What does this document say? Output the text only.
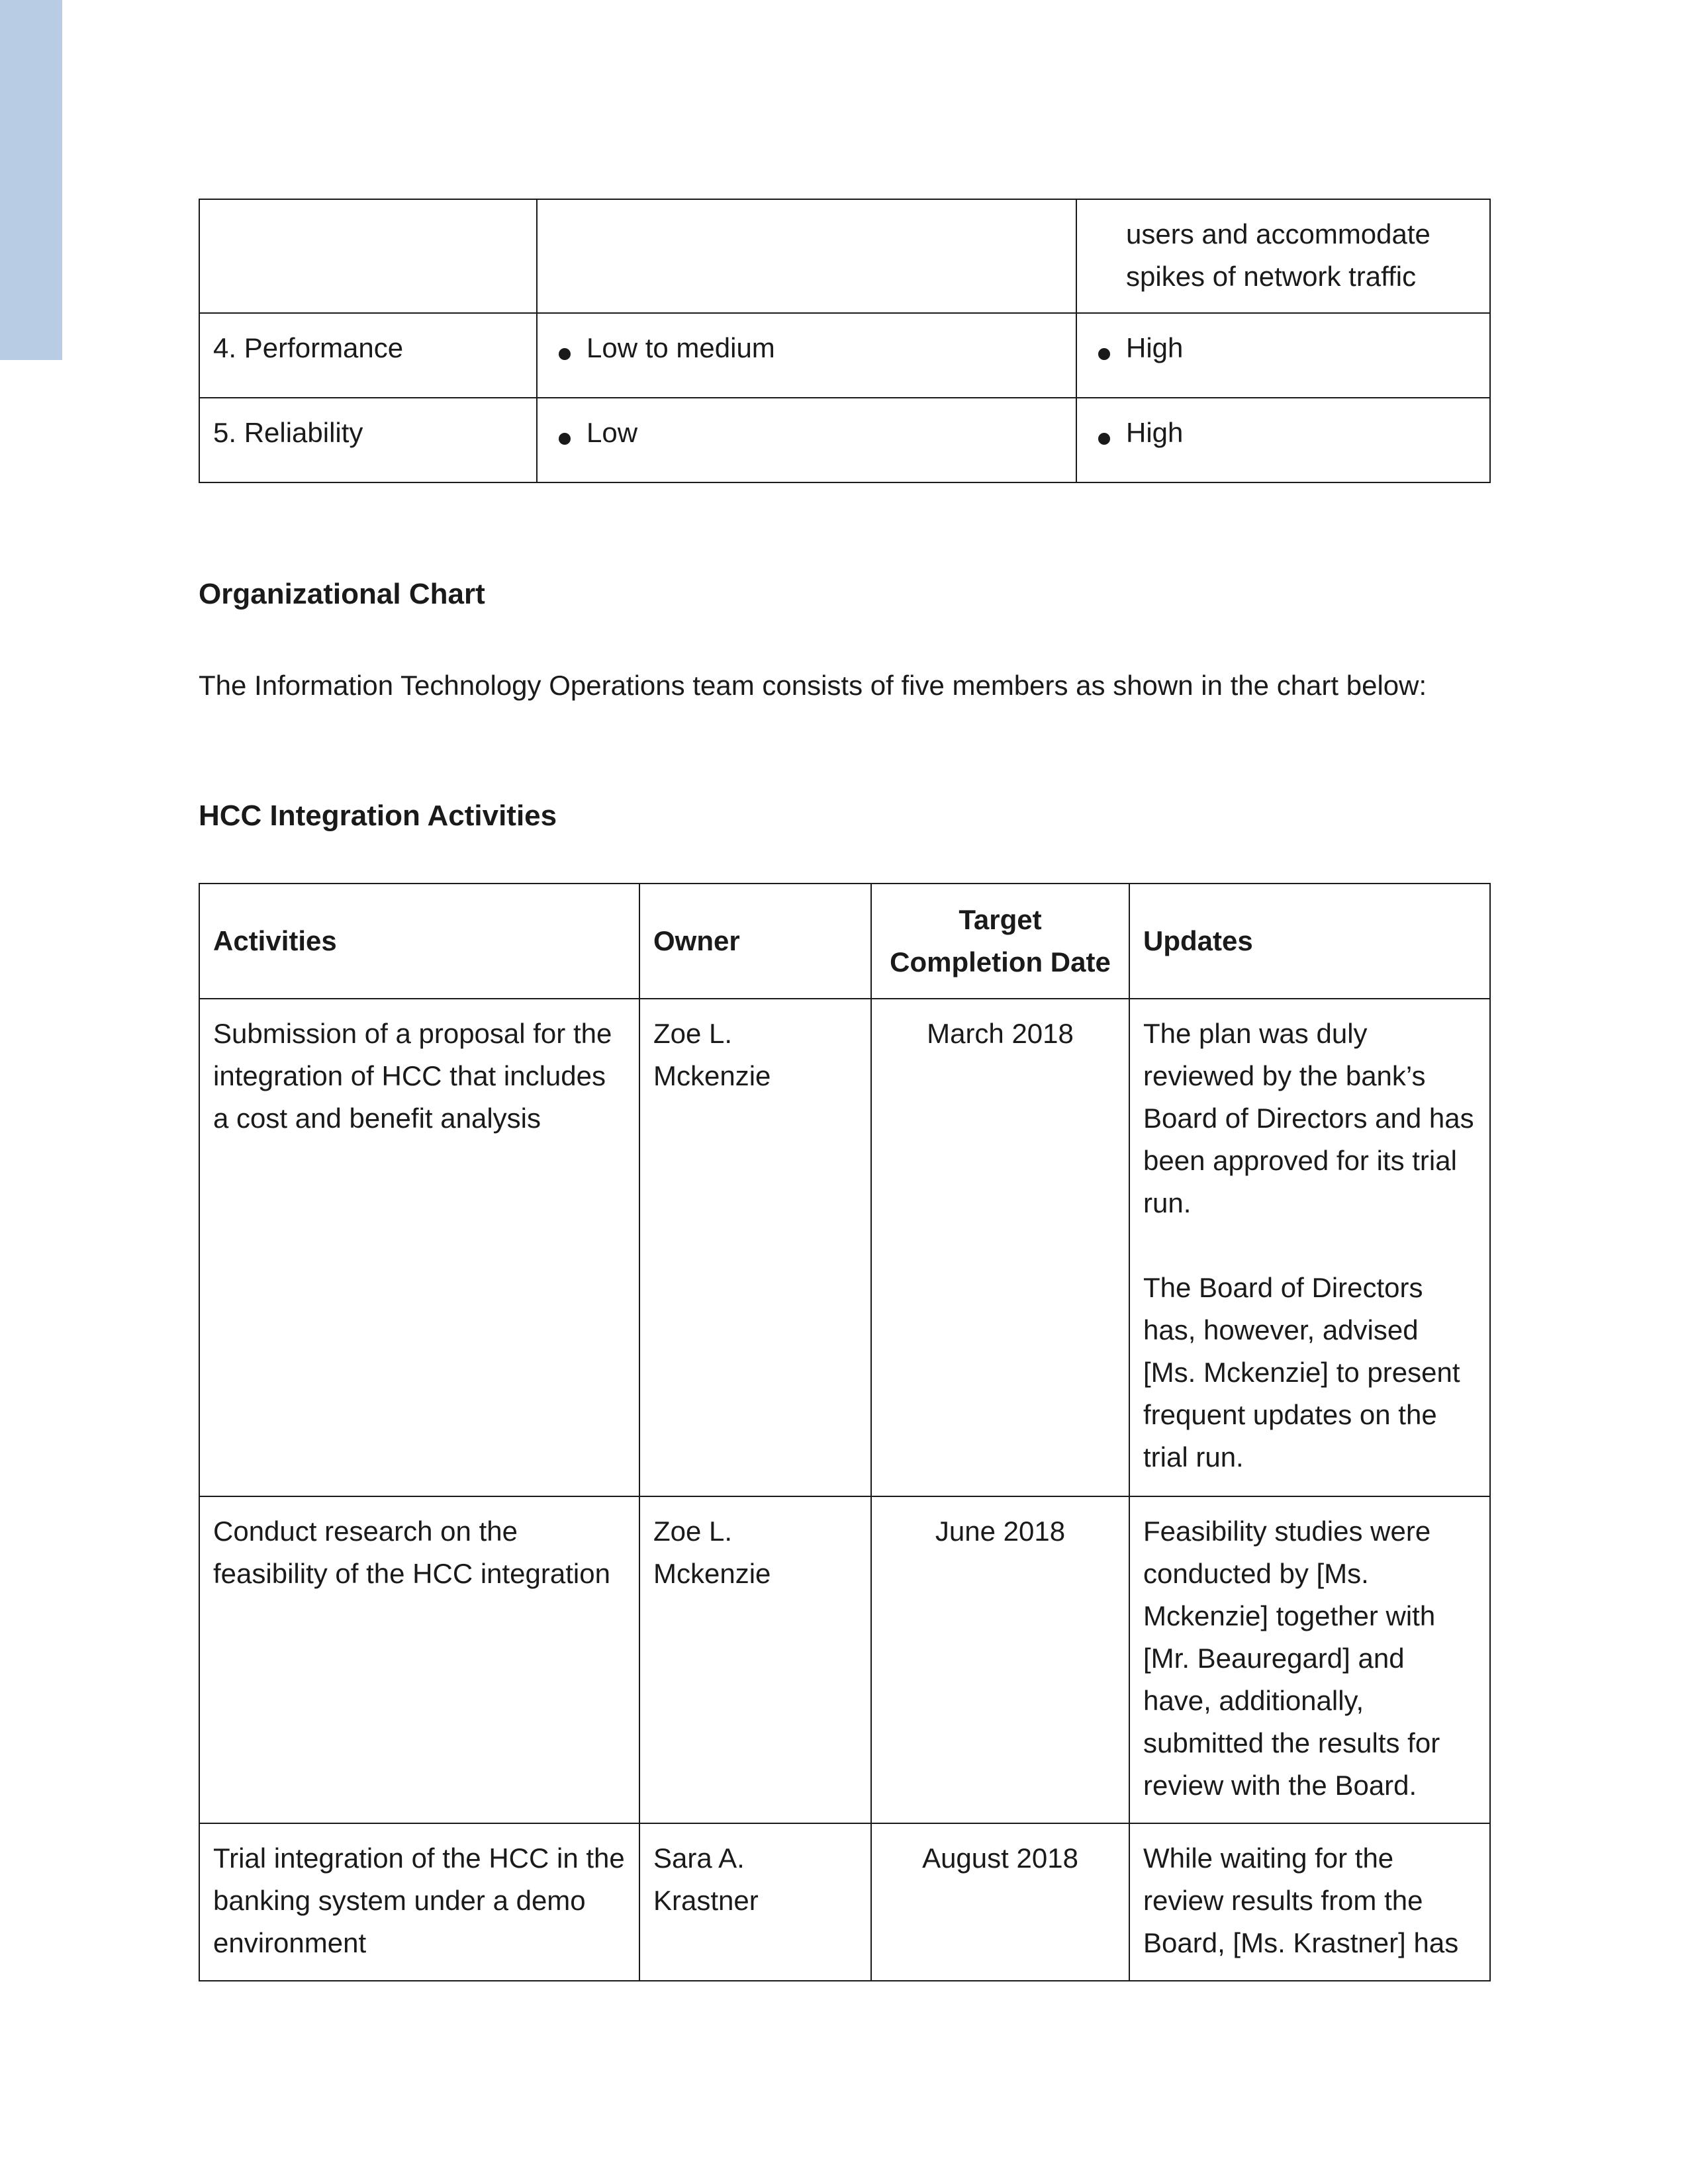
		users and accommodate spikes of network traffic
4. Performance	Low to medium	High
5. Reliability	Low	High
Organizational Chart

The Information Technology Operations team consists of five members as shown in the chart below:

HCC Integration Activities
Activities	Owner	Target Completion Date	Updates
Submission of a proposal for the integration of HCC that includes a cost and benefit analysis	Zoe L. Mckenzie	March 2018	The plan was duly reviewed by the bank’s Board of Directors and has been approved for its trial run.

The Board of Directors has, however, advised [Ms. Mckenzie] to present frequent updates on the trial run.

Conduct research on the feasibility of the HCC integration	Zoe L. Mckenzie	June 2018	Feasibility studies were conducted by [Ms. Mckenzie] together with [Mr. Beauregard] and have, additionally, submitted the results for review with the Board.

Trial integration of the HCC in the banking system under a demo environment	Sara A. Krastner	August 2018	While waiting for the review results from the Board, [Ms. Krastner] has
